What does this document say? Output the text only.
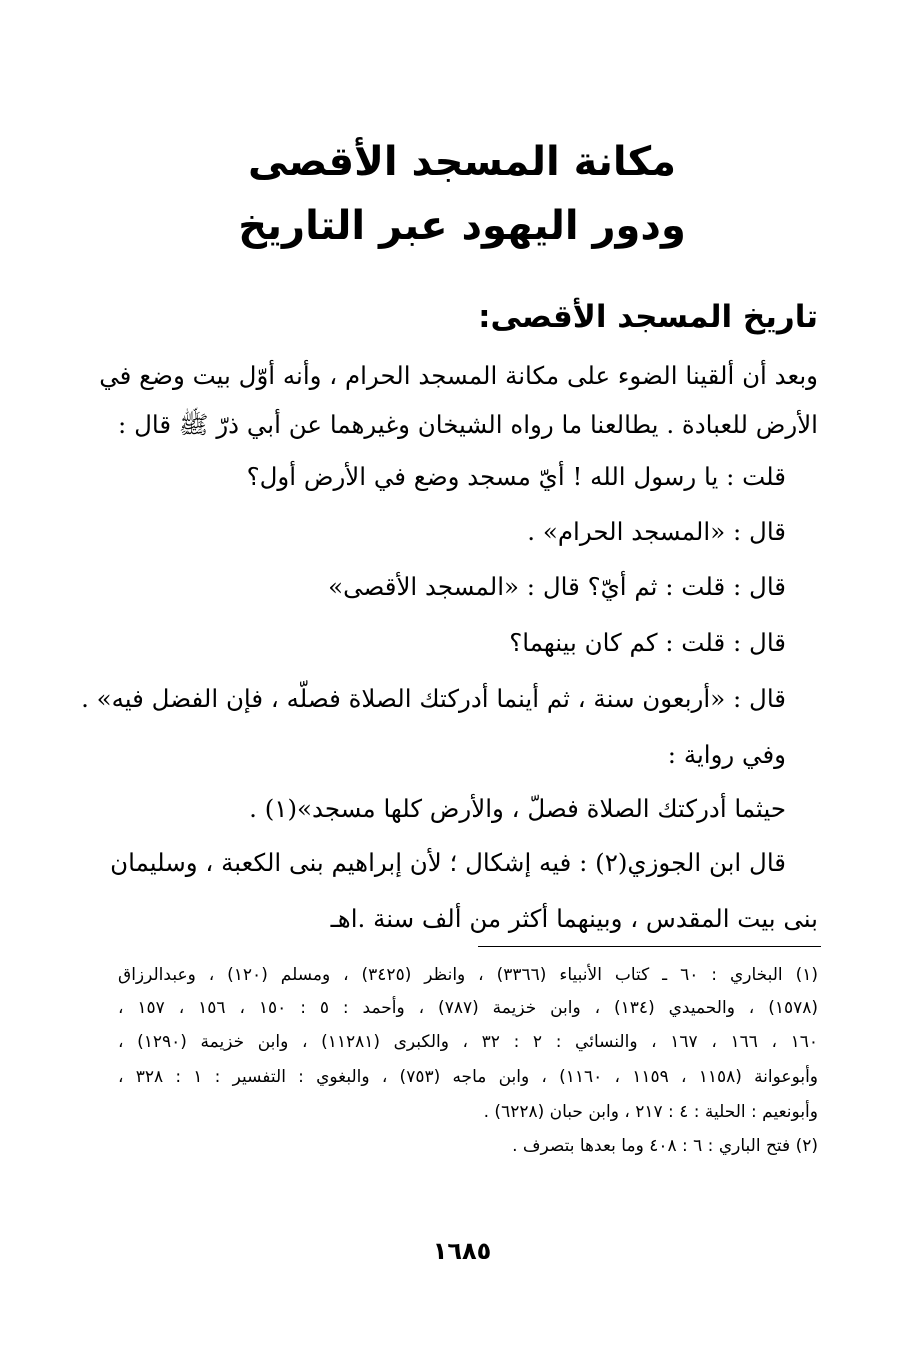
مكانة المسجد الأقصى
ودور اليهود عبر التاريخ
تاريخ المسجد الأقصى:

وبعد أن ألقينا الضوء على مكانة المسجد الحرام ، وأنه أوّل بيت وضع في

الأرض للعبادة . يطالعنا ما رواه الشيخان وغيرهما عن أبي ذرّ ﷺ قال :

قلت : يا رسول الله ! أيّ مسجد وضع في الأرض أول؟

قال : «المسجد الحرام» .

قال : قلت : ثم أيّ؟ قال : «المسجد الأقصى»

قال : قلت : كم كان بينهما؟

قال : «أربعون سنة ، ثم أينما أدركتك الصلاة فصلّه ، فإن الفضل فيه» .

وفي رواية :

حيثما أدركتك الصلاة فصلّ ، والأرض كلها مسجد»(١) .

قال ابن الجوزي(٢) : فيه إشكال ؛ لأن إبراهيم بنى الكعبة ، وسليمان

بنى بيت المقدس ، وبينهما أكثر من ألف سنة .اهـ

(١) البخاري : ٦٠ ـ كتاب الأنبياء (٣٣٦٦) ، وانظر (٣٤٢٥) ، ومسلم (١٢٠) ، وعبدالرزاق

(١٥٧٨) ، والحميدي (١٣٤) ، وابن خزيمة (٧٨٧) ، وأحمد : ٥ : ١٥٠ ، ١٥٦ ، ١٥٧ ،

١٦٠ ، ١٦٦ ، ١٦٧ ، والنسائي : ٢ : ٣٢ ، والكبرى (١١٢٨١) ، وابن خزيمة (١٢٩٠) ،

وأبوعوانة (١١٥٨ ، ١١٥٩ ، ١١٦٠) ، وابن ماجه (٧٥٣) ، والبغوي : التفسير : ١ : ٣٢٨ ،

وأبونعيم : الحلية : ٤ : ٢١٧ ، وابن حبان (٦٢٢٨) .

(٢) فتح الباري : ٦ : ٤٠٨ وما بعدها بتصرف .

١٦٨٥
